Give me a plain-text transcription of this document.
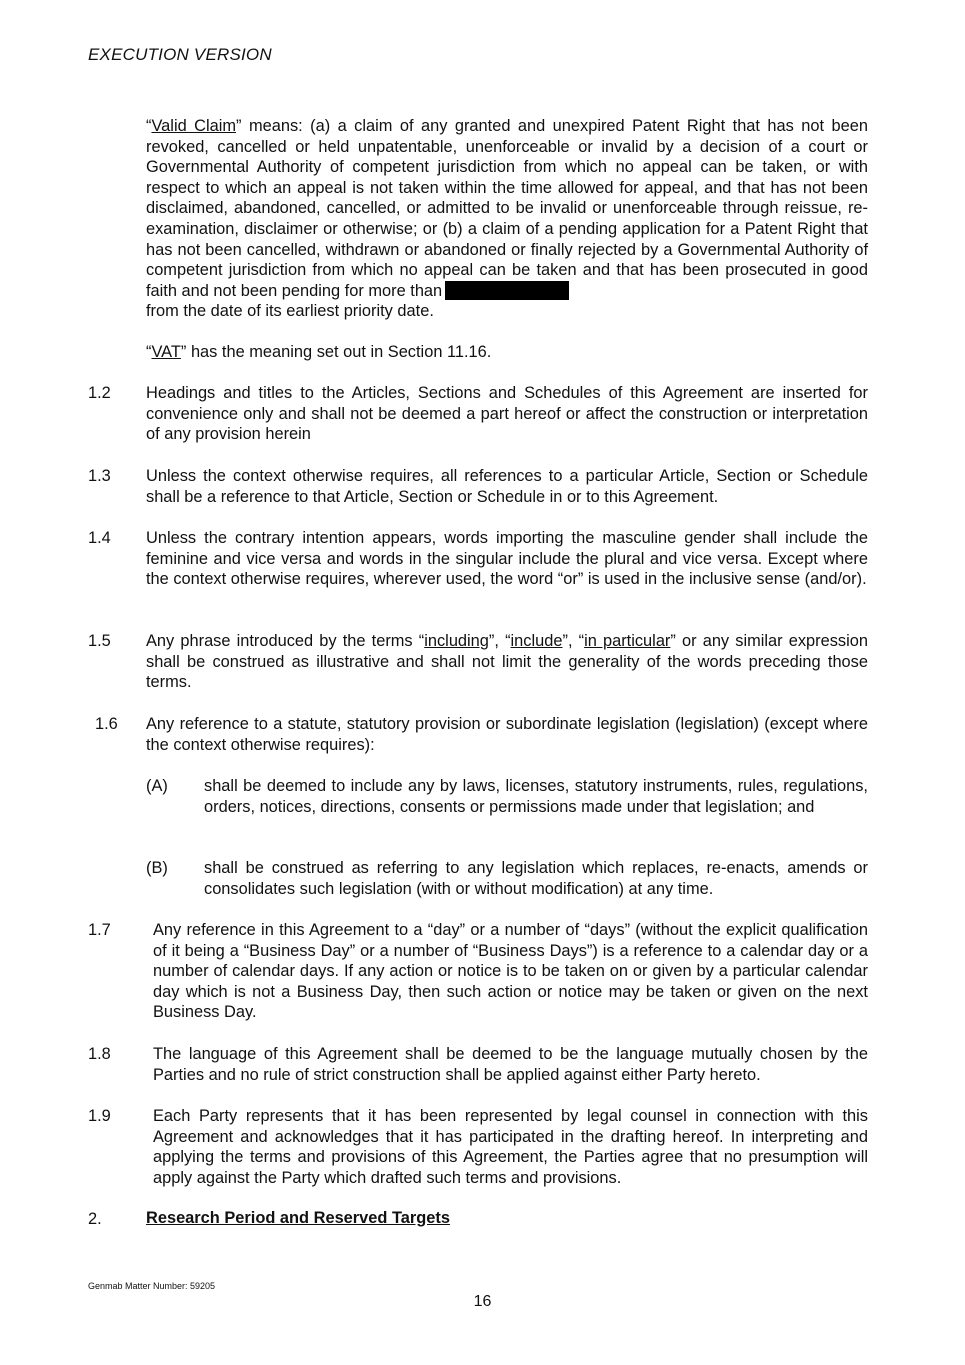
EXECUTION VERSION
“Valid Claim” means: (a) a claim of any granted and unexpired Patent Right that has not been revoked, cancelled or held unpatentable, unenforceable or invalid by a decision of a court or Governmental Authority of competent jurisdiction from which no appeal can be taken, or with respect to which an appeal is not taken within the time allowed for appeal, and that has not been disclaimed, abandoned, cancelled, or admitted to be invalid or unenforceable through reissue, re-examination, disclaimer or otherwise; or (b) a claim of a pending application for a Patent Right that has not been cancelled, withdrawn or abandoned or finally rejected by a Governmental Authority of competent jurisdiction from which no appeal can be taken and that has been prosecuted in good faith and not been pending for more than
from the date of its earliest priority date.
“VAT” has the meaning set out in Section 11.16.
1.2 Headings and titles to the Articles, Sections and Schedules of this Agreement are inserted for convenience only and shall not be deemed a part hereof or affect the construction or interpretation of any provision herein
1.3 Unless the context otherwise requires, all references to a particular Article, Section or Schedule shall be a reference to that Article, Section or Schedule in or to this Agreement.
1.4 Unless the contrary intention appears, words importing the masculine gender shall include the feminine and vice versa and words in the singular include the plural and vice versa. Except where the context otherwise requires, wherever used, the word “or” is used in the inclusive sense (and/or).
1.5 Any phrase introduced by the terms “including”, “include”, “in particular” or any similar expression shall be construed as illustrative and shall not limit the generality of the words preceding those terms.
1.6 Any reference to a statute, statutory provision or subordinate legislation (legislation) (except where the context otherwise requires):
(A) shall be deemed to include any by laws, licenses, statutory instruments, rules, regulations, orders, notices, directions, consents or permissions made under that legislation; and
(B) shall be construed as referring to any legislation which replaces, re-enacts, amends or consolidates such legislation (with or without modification) at any time.
1.7	Any reference in this Agreement to a “day” or a number of “days” (without the explicit qualification of it being a “Business Day” or a number of “Business Days”) is a reference to a calendar day or a number of calendar days. If any action or notice is to be taken on or given by a particular calendar day which is not a Business Day, then such action or notice may be taken or given on the next Business Day.
1.8	The language of this Agreement shall be deemed to be the language mutually chosen by the Parties and no rule of strict construction shall be applied against either Party hereto.
1.9	Each Party represents that it has been represented by legal counsel in connection with this Agreement and acknowledges that it has participated in the drafting hereof. In interpreting and applying the terms and provisions of this Agreement, the Parties agree that no presumption will apply against the Party which drafted such terms and provisions.
2.	Research Period and Reserved Targets
Genmab Matter Number: 59205
16
